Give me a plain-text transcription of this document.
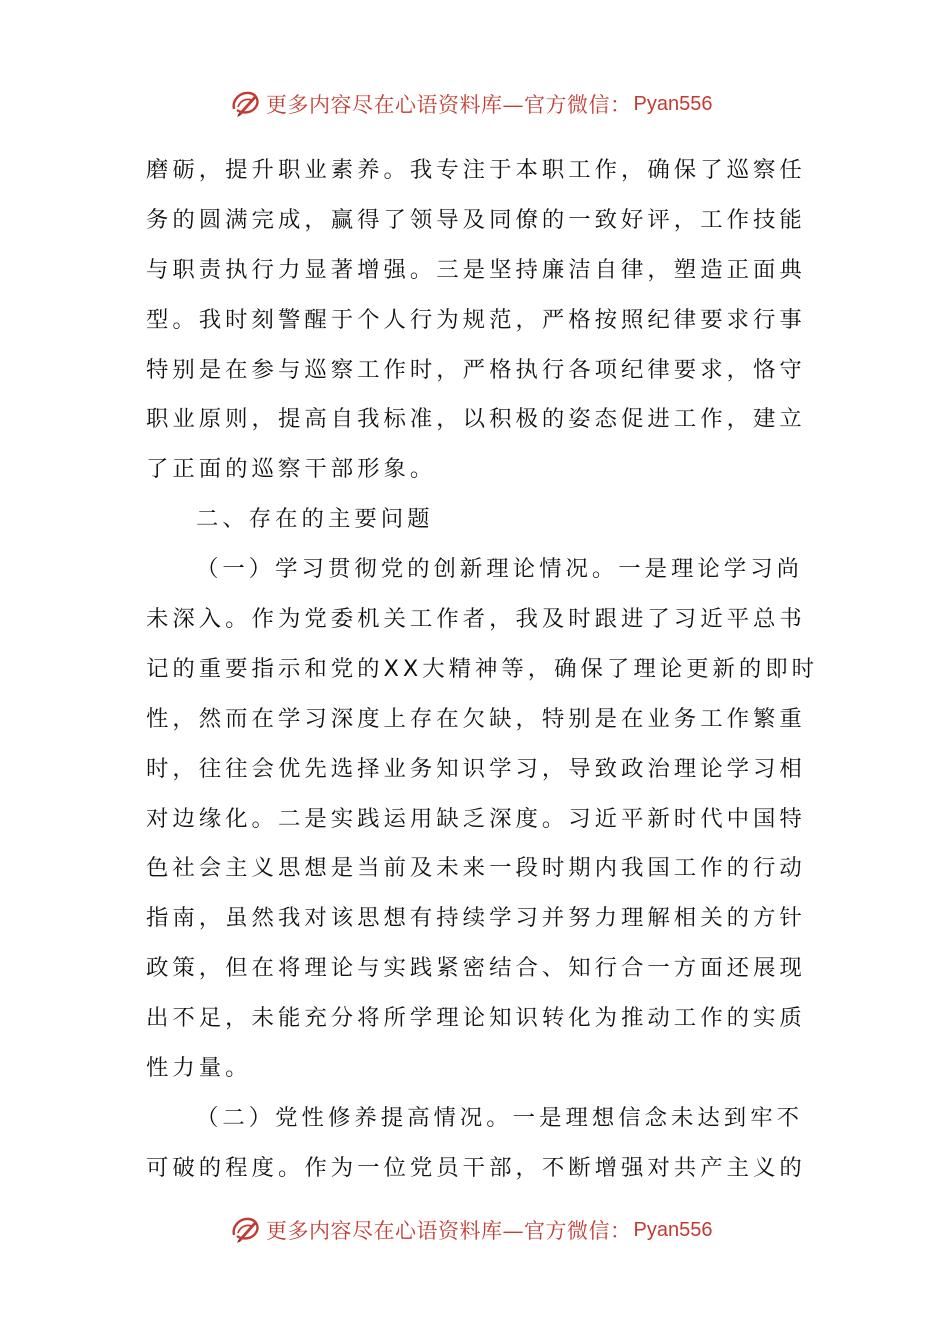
更多内容尽在心语资料库—官方微信： Pyan556
磨砺，提升职业素养。我专注于本职工作，确保了巡察任
务的圆满完成，赢得了领导及同僚的一致好评，工作技能
与职责执行力显著增强。三是坚持廉洁自律，塑造正面典
型。我时刻警醒于个人行为规范，严格按照纪律要求行事
特别是在参与巡察工作时，严格执行各项纪律要求，恪守
职业原则，提高自我标准，以积极的姿态促进工作，建立
了正面的巡察干部形象。
二、存在的主要问题
（一）学习贯彻党的创新理论情况。一是理论学习尚
未深入。作为党委机关工作者，我及时跟进了习近平总书
记的重要指示和党的XX大精神等，确保了理论更新的即时
性，然而在学习深度上存在欠缺，特别是在业务工作繁重
时，往往会优先选择业务知识学习，导致政治理论学习相
对边缘化。二是实践运用缺乏深度。习近平新时代中国特
色社会主义思想是当前及未来一段时期内我国工作的行动
指南，虽然我对该思想有持续学习并努力理解相关的方针
政策，但在将理论与实践紧密结合、知行合一方面还展现
出不足，未能充分将所学理论知识转化为推动工作的实质
性力量。
（二）党性修养提高情况。一是理想信念未达到牢不
可破的程度。作为一位党员干部，不断增强对共产主义的
更多内容尽在心语资料库—官方微信： Pyan556
